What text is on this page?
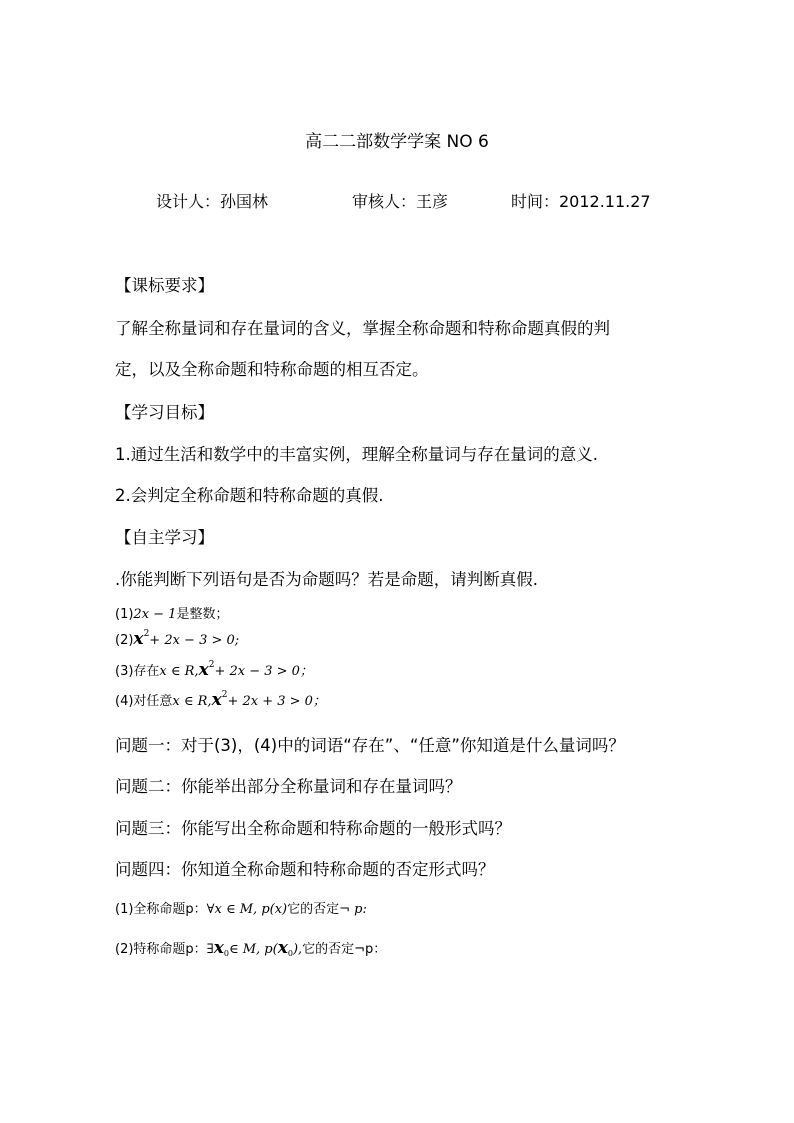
高二二部数学学案 NO 6
设计人：孙国林	审核人：王彦	时间：2012.11.27
【课标要求】
了解全称量词和存在量词的含义，掌握全称命题和特称命题真假的判
定，以及全称命题和特称命题的相互否定。
【学习目标】
1.通过生活和数学中的丰富实例，理解全称量词与存在量词的意义.
2.会判定全称命题和特称命题的真假.
【自主学习】
.你能判断下列语句是否为命题吗？若是命题，请判断真假.
(1)2x − 1是整数；
$(2)x^2+ 2x - 3 > 0$;
(3)存在x ∈ $R,x^2+ 2x - 3 > 0$；
(4)对任意x ∈ $R,x^2+ 2x + 3 > 0$；
问题一：对于(3)，(4)中的词语“存在”、“任意”你知道是什么量词吗？
问题二：你能举出部分全称量词和存在量词吗？
问题三：你能写出全称命题和特称命题的一般形式吗？
问题四：你知道全称命题和特称命题的否定形式吗？
(1)全称命题p：∀x ∈ M, p(x)它的否定¬ p:
(2)特称命题p：$\exists x_0\in$ M, $p(x_0)$,它的否定¬p：
